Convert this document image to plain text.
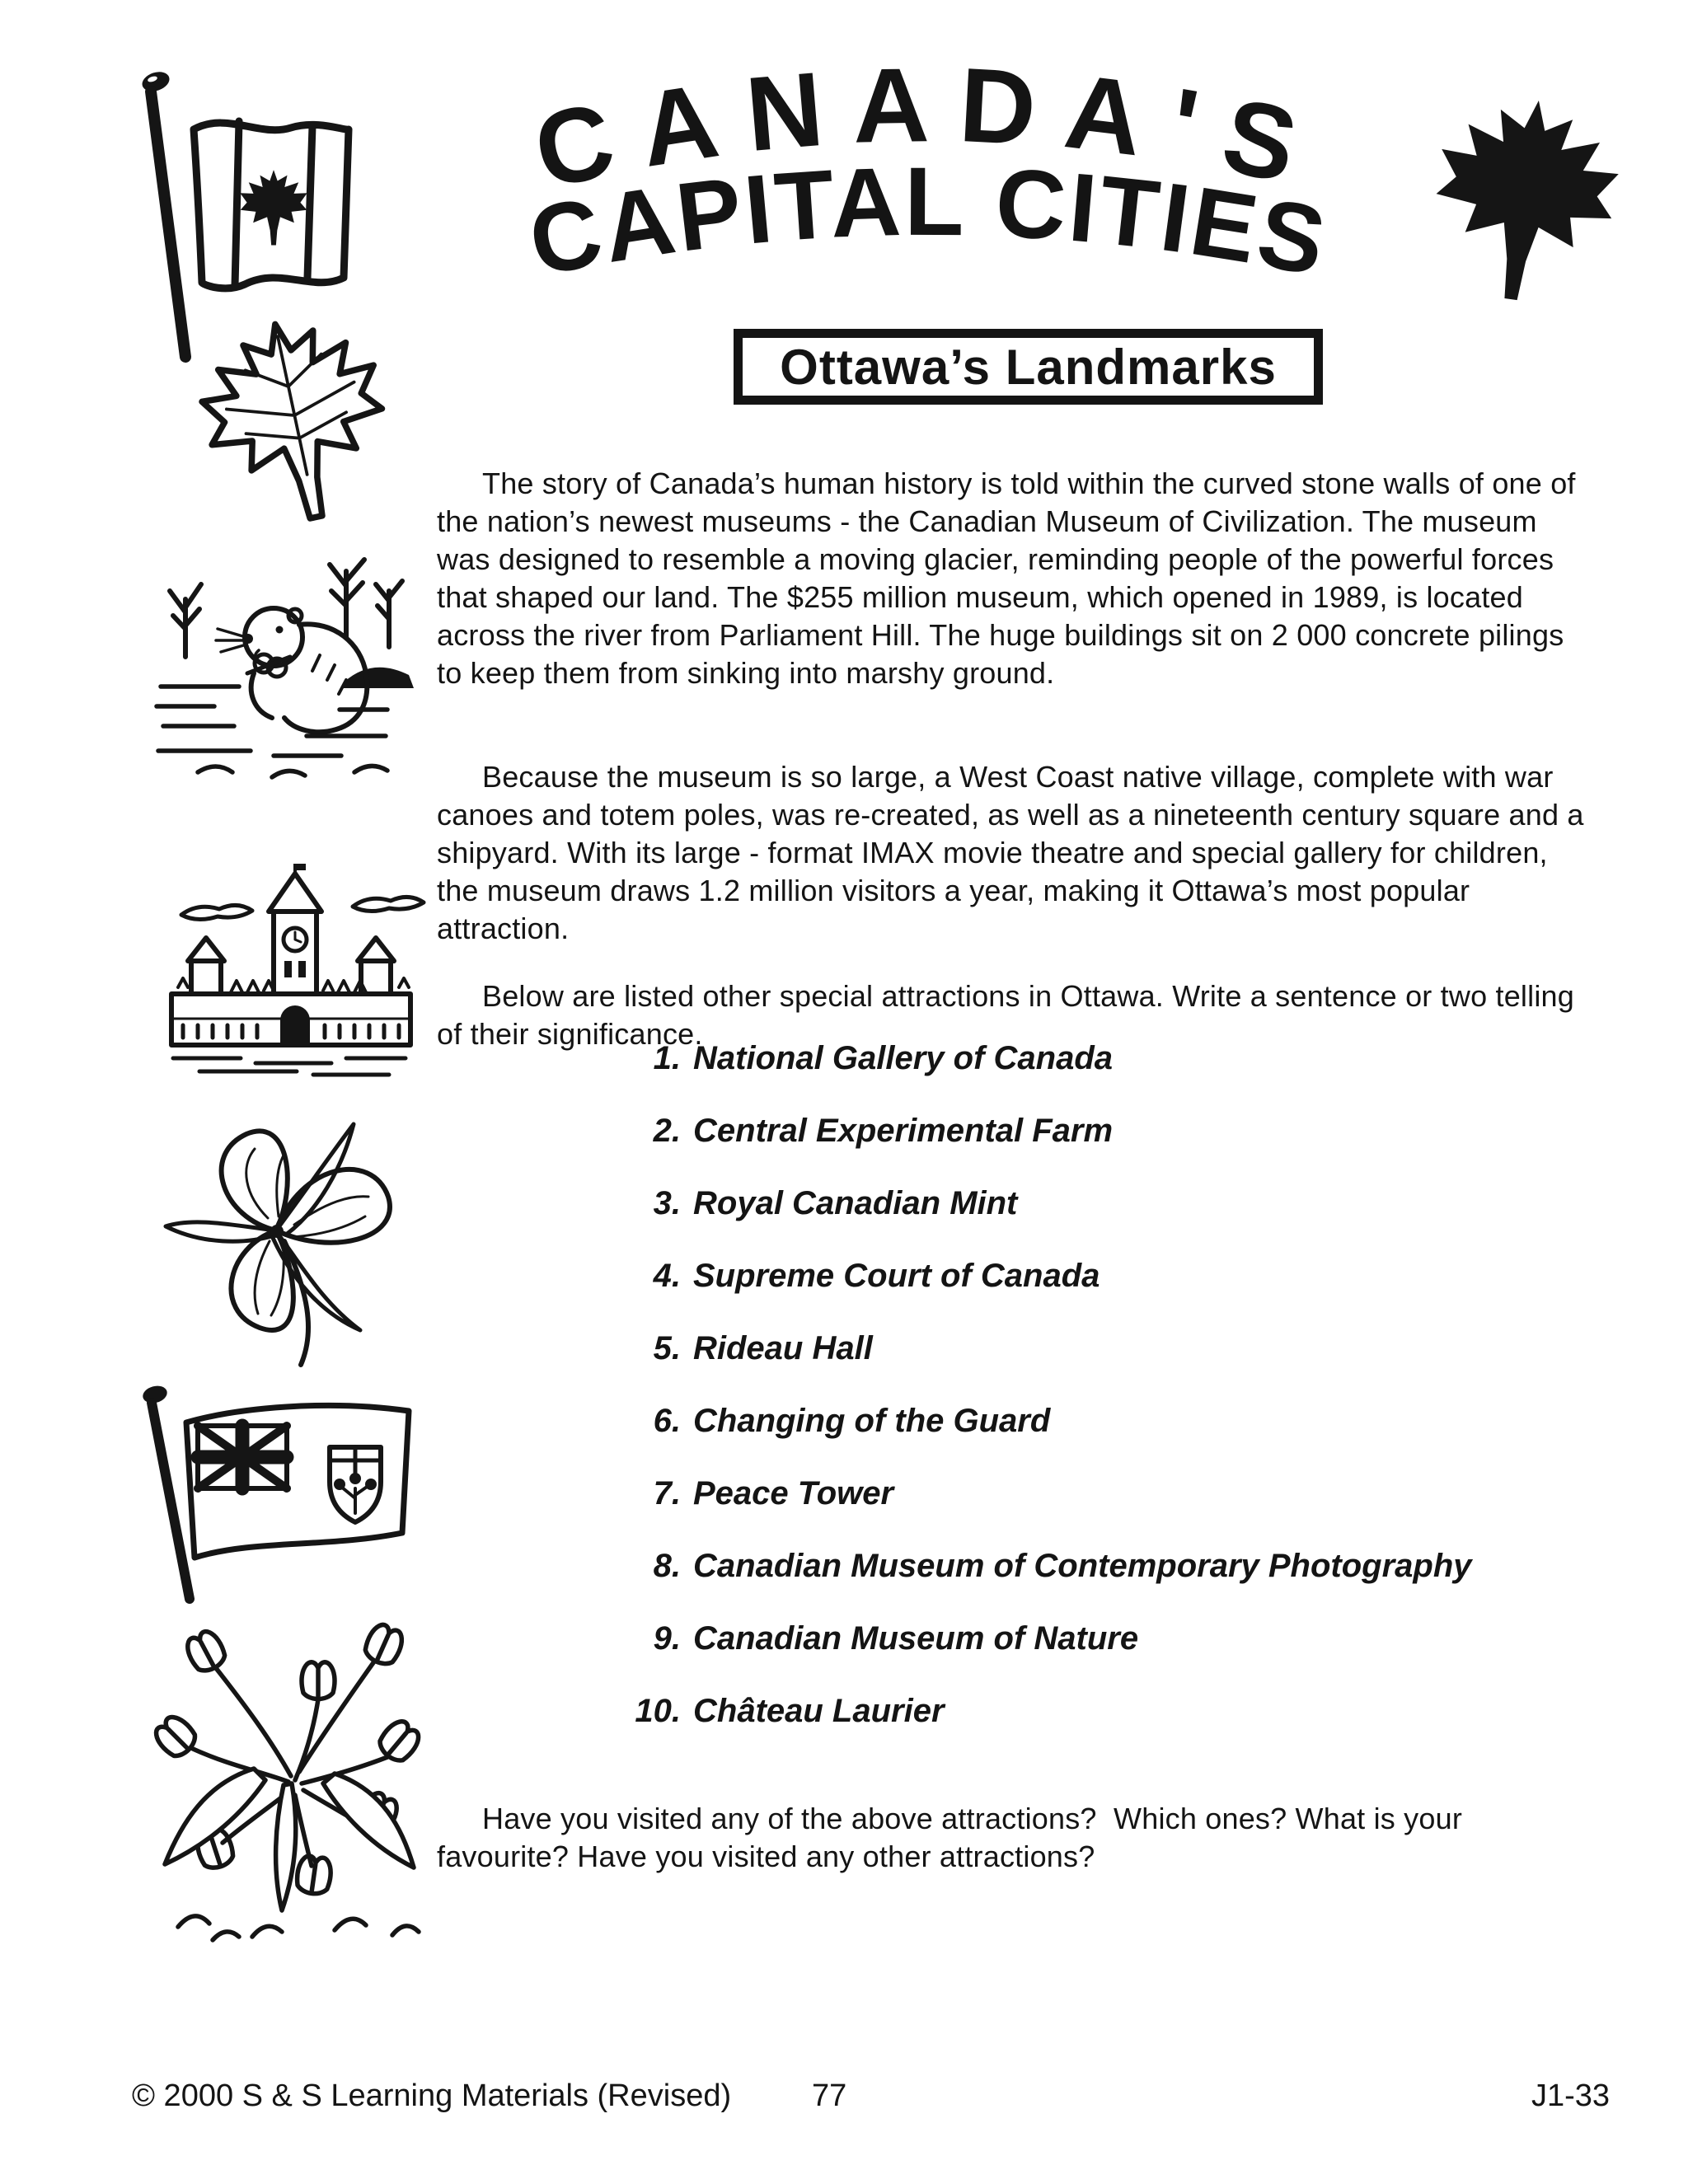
CANADA'S
CAPITAL CITIES
Ottawa’s Landmarks

The story of Canada’s human history is told within the curved stone walls of one of the nation’s newest museums - the Canadian Museum of Civilization. The museum was designed to resemble a moving glacier, reminding people of the powerful forces that shaped our land. The $255 million museum, which opened in 1989, is located across the river from Parliament Hill. The huge buildings sit on 2 000 concrete pilings to keep them from sinking into marshy ground.

Because the museum is so large, a West Coast native village, complete with war canoes and totem poles, was re-created, as well as a nineteenth century square and a shipyard. With its large - format IMAX movie theatre and special gallery for children, the museum draws 1.2 million visitors a year, making it Ottawa’s most popular attraction.

Below are listed other special attractions in Ottawa. Write a sentence or two telling of their significance.

1. National Gallery of Canada
2. Central Experimental Farm
3. Royal Canadian Mint
4. Supreme Court of Canada
5. Rideau Hall
6. Changing of the Guard
7. Peace Tower
8. Canadian Museum of Contemporary Photography
9. Canadian Museum of Nature
10. Château Laurier

Have you visited any of the above attractions?  Which ones? What is your favourite? Have you visited any other attractions?

© 2000 S & S Learning Materials (Revised)	77	J1-33
